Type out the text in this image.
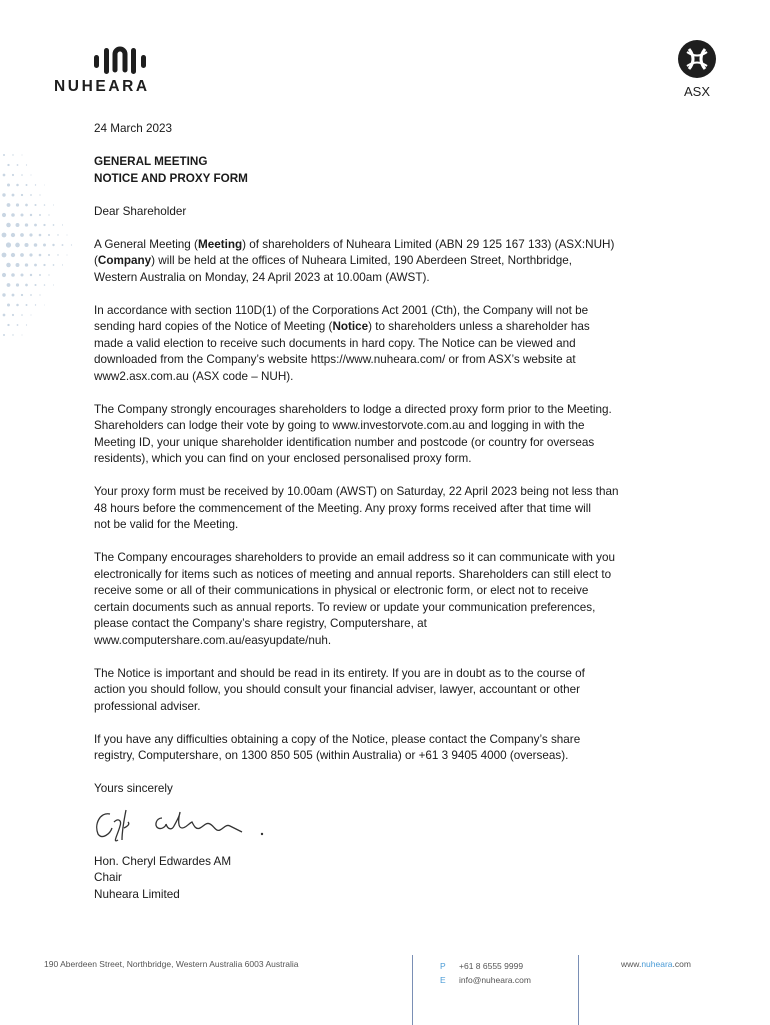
NUHEARA	ASX

24 March 2023

GENERAL MEETING
NOTICE AND PROXY FORM

Dear Shareholder

A General Meeting (Meeting) of shareholders of Nuheara Limited (ABN 29 125 167 133) (ASX:NUH)
(Company) will be held at the offices of Nuheara Limited, 190 Aberdeen Street, Northbridge,
Western Australia on Monday, 24 April 2023 at 10.00am (AWST).

In accordance with section 110D(1) of the Corporations Act 2001 (Cth), the Company will not be
sending hard copies of the Notice of Meeting (Notice) to shareholders unless a shareholder has
made a valid election to receive such documents in hard copy. The Notice can be viewed and
downloaded from the Company’s website https://www.nuheara.com/ or from ASX’s website at
www2.asx.com.au (ASX code – NUH).

The Company strongly encourages shareholders to lodge a directed proxy form prior to the Meeting.
Shareholders can lodge their vote by going to www.investorvote.com.au and logging in with the
Meeting ID, your unique shareholder identification number and postcode (or country for overseas
residents), which you can find on your enclosed personalised proxy form.

Your proxy form must be received by 10.00am (AWST) on Saturday, 22 April 2023 being not less than
48 hours before the commencement of the Meeting. Any proxy forms received after that time will
not be valid for the Meeting.

The Company encourages shareholders to provide an email address so it can communicate with you
electronically for items such as notices of meeting and annual reports. Shareholders can still elect to
receive some or all of their communications in physical or electronic form, or elect not to receive
certain documents such as annual reports. To review or update your communication preferences,
please contact the Company’s share registry, Computershare, at
www.computershare.com.au/easyupdate/nuh.

The Notice is important and should be read in its entirety. If you are in doubt as to the course of
action you should follow, you should consult your financial adviser, lawyer, accountant or other
professional adviser.

If you have any difficulties obtaining a copy of the Notice, please contact the Company’s share
registry, Computershare, on 1300 850 505 (within Australia) or +61 3 9405 4000 (overseas).

Yours sincerely

Hon. Cheryl Edwardes AM
Chair
Nuheara Limited

190 Aberdeen Street, Northbridge, Western Australia 6003 Australia	P +61 8 6555 9999
E info@nuheara.com
www.nuheara.com
